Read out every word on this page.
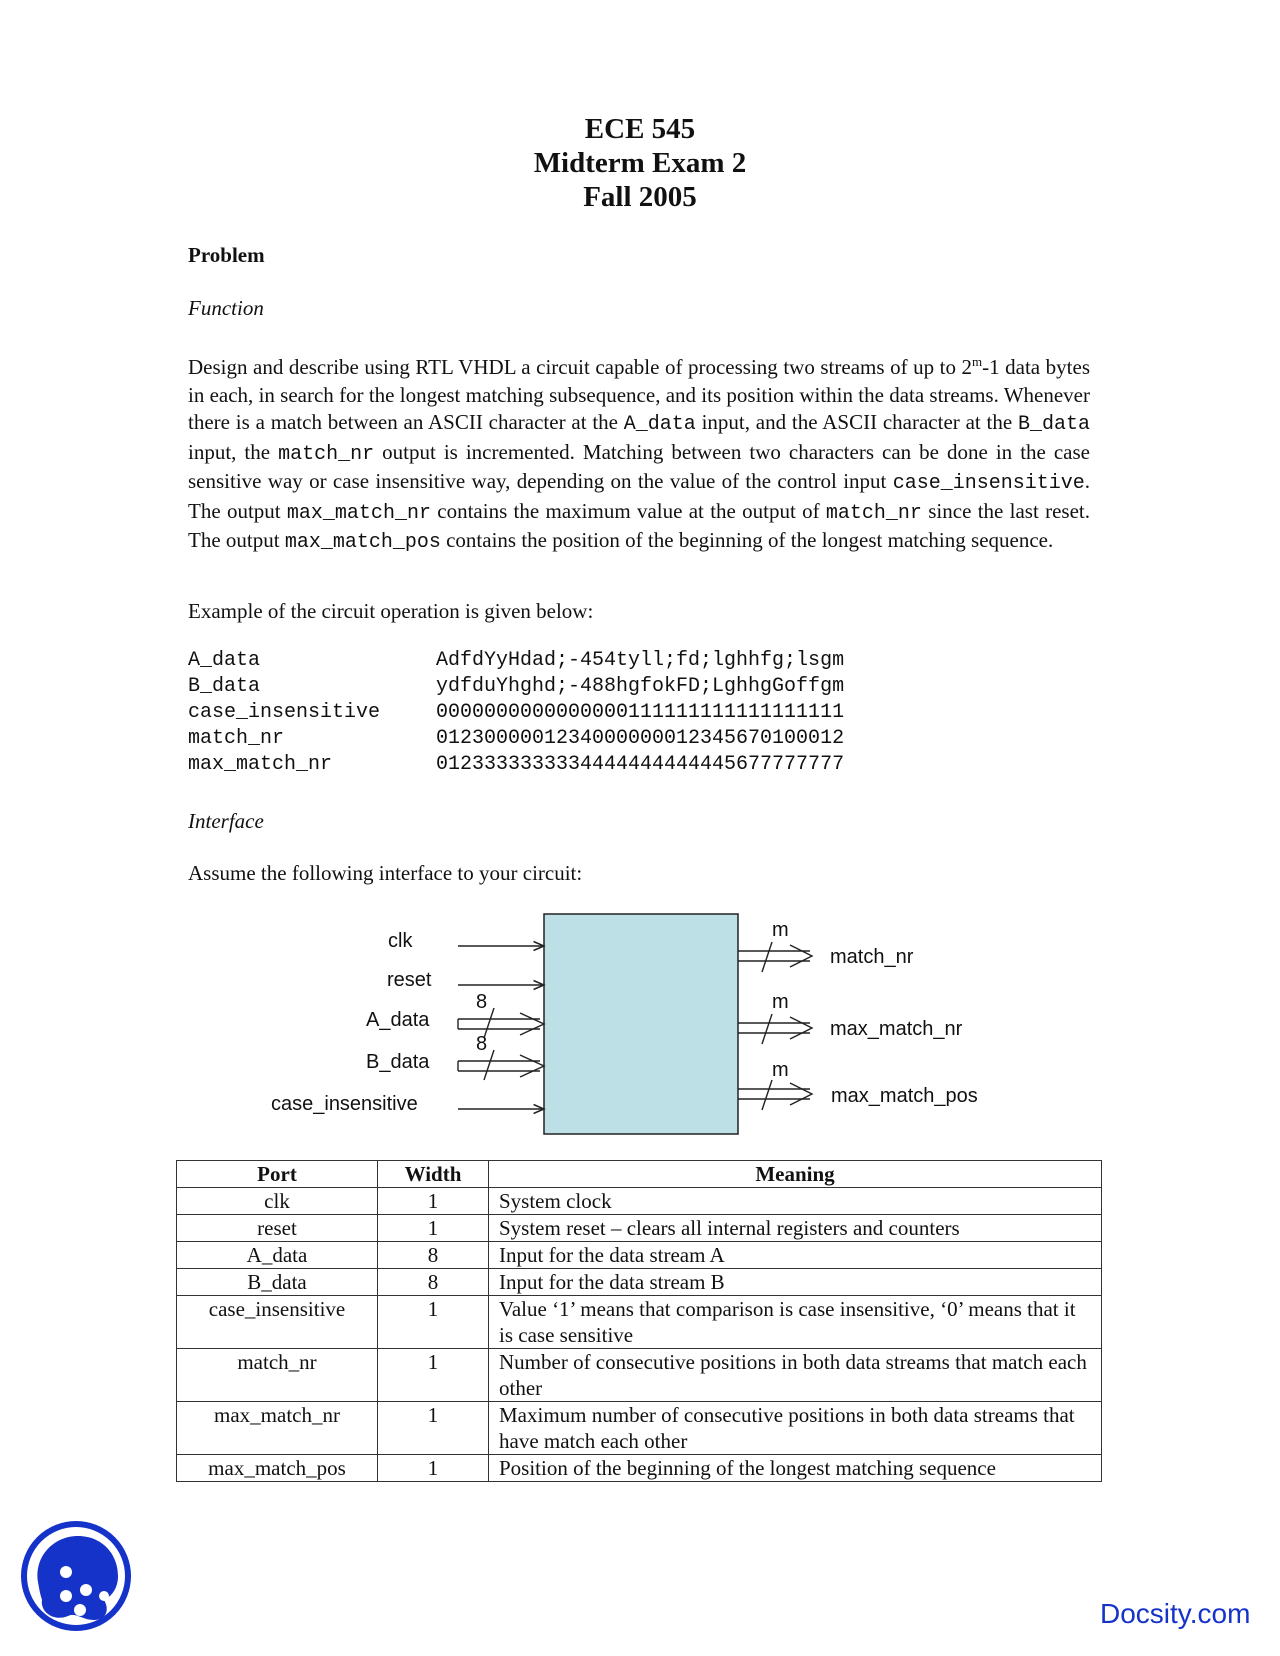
ECE 545
Midterm Exam 2
Fall 2005
Problem
Function
Design and describe using RTL VHDL a circuit capable of processing two streams of up to 2$^m$-1 data bytes in each, in search for the longest matching subsequence, and its position within the data streams. Whenever there is a match between an ASCII character at the A_data input, and the ASCII character at the B_data input, the match_nr output is incremented. Matching between two characters can be done in the case sensitive way or case insensitive way, depending on the value of the control input case_insensitive. The output max_match_nr contains the maximum value at the output of match_nr since the last reset. The output max_match_pos contains the position of the beginning of the longest matching sequence.
Example of the circuit operation is given below:
A_data	AdfdYyHdad;-454tyll;fd;lghhfg;lsgm
B_data	ydfduYhghd;-488hgfokFD;LghhgGoffgm
case_insensitive	0000000000000000111111111111111111
match_nr	0123000001234000000012345670100012
max_match_nr	0123333333334444444444445677777777
Interface
Assume the following interface to your circuit:
clk
reset
A_data
8
B_data
8
case_insensitive
m
match_nr
m
max_match_nr
m
max_match_pos
Port	Width	Meaning
clk	1	System clock
reset	1	System reset – clears all internal registers and counters
A_data	8	Input for the data stream A
B_data	8	Input for the data stream B
case_insensitive	1	Value ‘1’ means that comparison is case insensitive, ‘0’ means that it is case sensitive
match_nr	1	Number of consecutive positions in both data streams that match each other
max_match_nr	1	Maximum number of consecutive positions in both data streams that have match each other
max_match_pos	1	Position of the beginning of the longest matching sequence
Docsity.com
